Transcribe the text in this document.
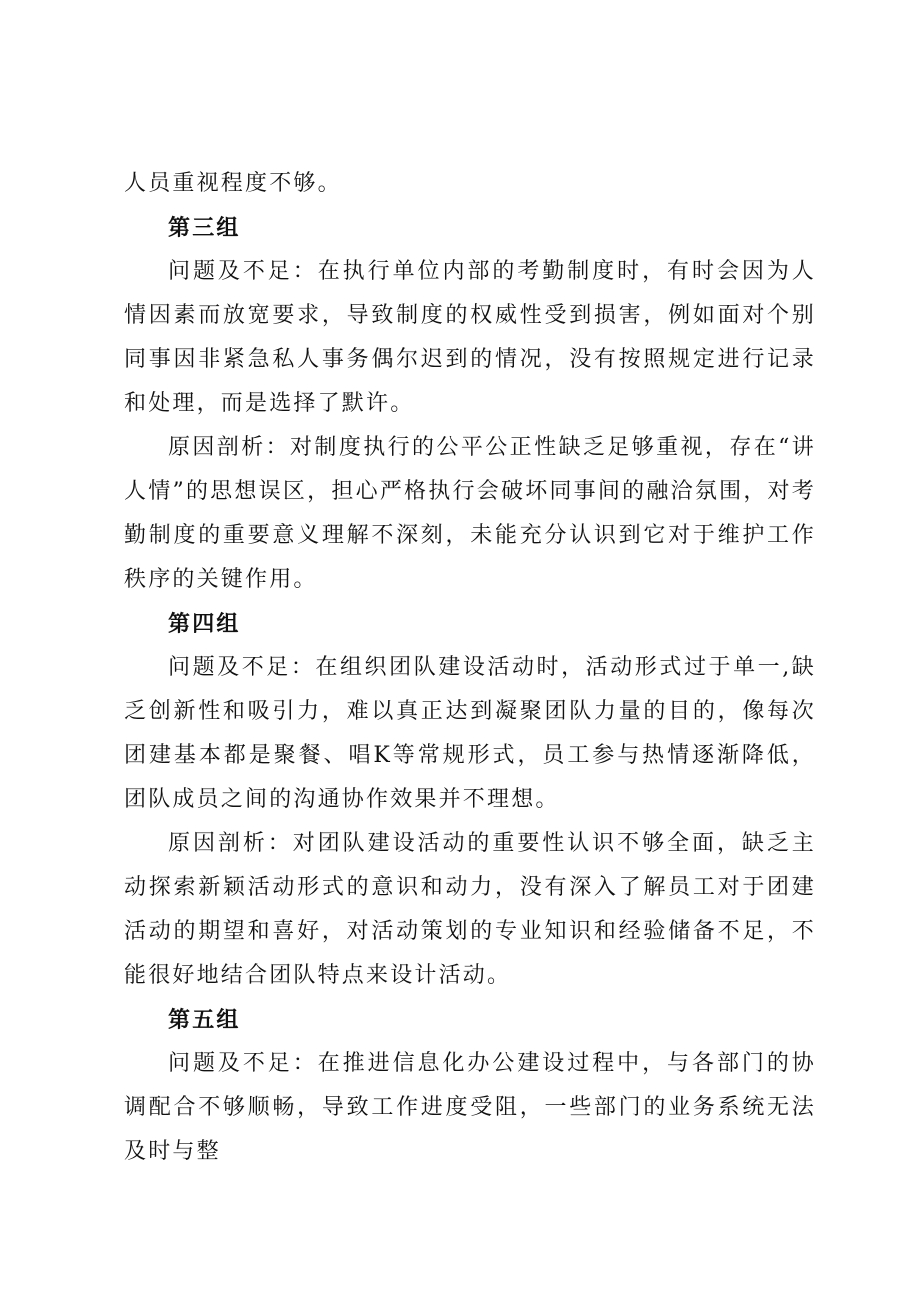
人员重视程度不够。

第三组

问题及不足：在执行单位内部的考勤制度时，有时会因为人情因素而放宽要求，导致制度的权威性受到损害，例如面对个别同事因非紧急私人事务偶尔迟到的情况，没有按照规定进行记录和处理，而是选择了默许。

原因剖析：对制度执行的公平公正性缺乏足够重视，存在“讲人情”的思想误区，担心严格执行会破坏同事间的融洽氛围，对考勤制度的重要意义理解不深刻，未能充分认识到它对于维护工作秩序的关键作用。

第四组

问题及不足：在组织团队建设活动时，活动形式过于单一,缺乏创新性和吸引力，难以真正达到凝聚团队力量的目的，像每次团建基本都是聚餐、唱K等常规形式，员工参与热情逐渐降低，团队成员之间的沟通协作效果并不理想。

原因剖析：对团队建设活动的重要性认识不够全面，缺乏主动探索新颖活动形式的意识和动力，没有深入了解员工对于团建活动的期望和喜好，对活动策划的专业知识和经验储备不足，不能很好地结合团队特点来设计活动。

第五组

问题及不足：在推进信息化办公建设过程中，与各部门的协调配合不够顺畅，导致工作进度受阻，一些部门的业务系统无法及时与整
